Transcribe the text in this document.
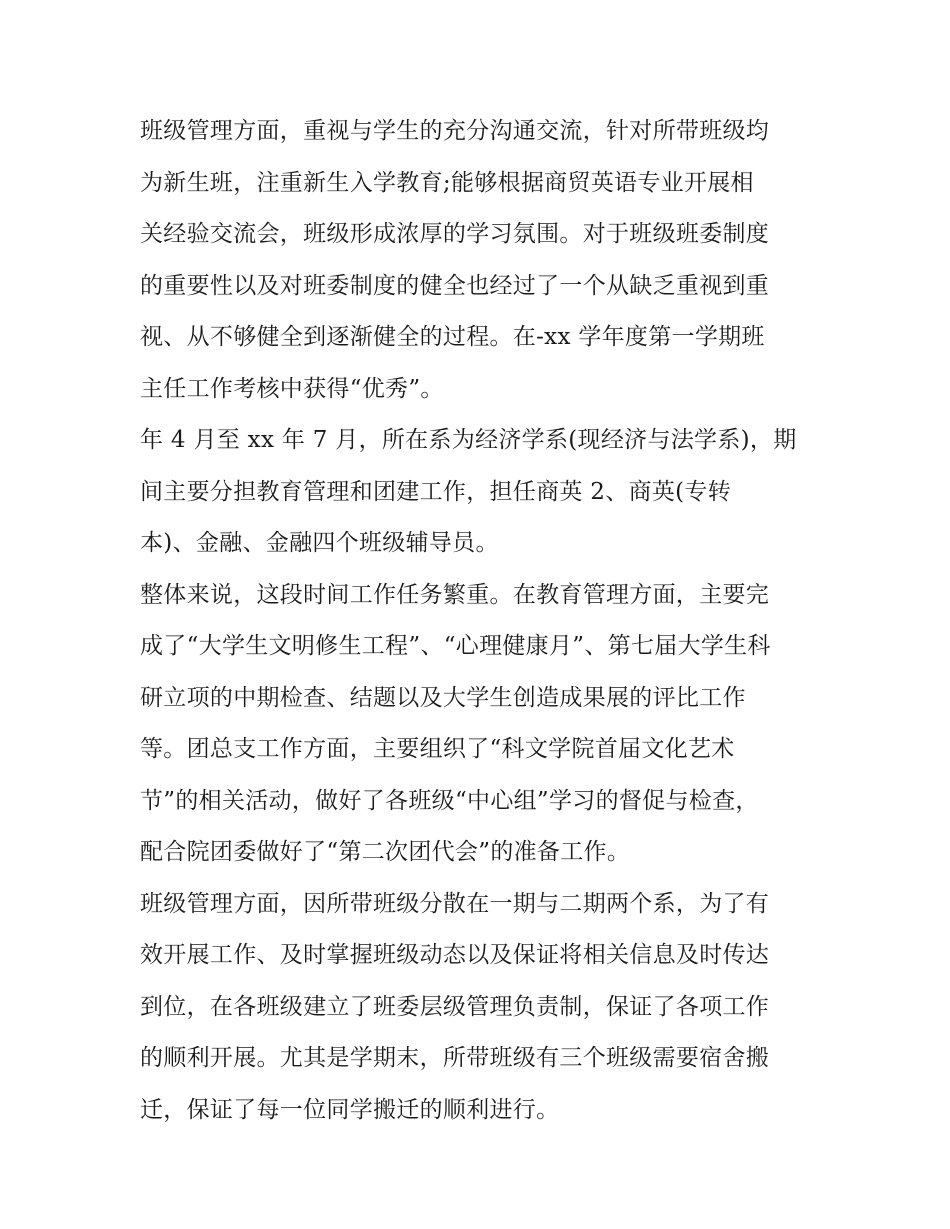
班级管理方面，重视与学生的充分沟通交流，针对所带班级均
为新生班，注重新生入学教育;能够根据商贸英语专业开展相
关经验交流会，班级形成浓厚的学习氛围。对于班级班委制度
的重要性以及对班委制度的健全也经过了一个从缺乏重视到重
视、从不够健全到逐渐健全的过程。在-xx 学年度第一学期班
主任工作考核中获得“优秀”。
年 4 月至 xx 年 7 月，所在系为经济学系(现经济与法学系)，期
间主要分担教育管理和团建工作，担任商英 2、商英(专转
本)、金融、金融四个班级辅导员。
整体来说，这段时间工作任务繁重。在教育管理方面，主要完
成了“大学生文明修生工程”、“心理健康月”、第七届大学生科
研立项的中期检查、结题以及大学生创造成果展的评比工作
等。团总支工作方面，主要组织了“科文学院首届文化艺术
节”的相关活动，做好了各班级“中心组”学习的督促与检查，
配合院团委做好了“第二次团代会”的准备工作。
班级管理方面，因所带班级分散在一期与二期两个系，为了有
效开展工作、及时掌握班级动态以及保证将相关信息及时传达
到位，在各班级建立了班委层级管理负责制，保证了各项工作
的顺利开展。尤其是学期末，所带班级有三个班级需要宿舍搬
迁，保证了每一位同学搬迁的顺利进行。
